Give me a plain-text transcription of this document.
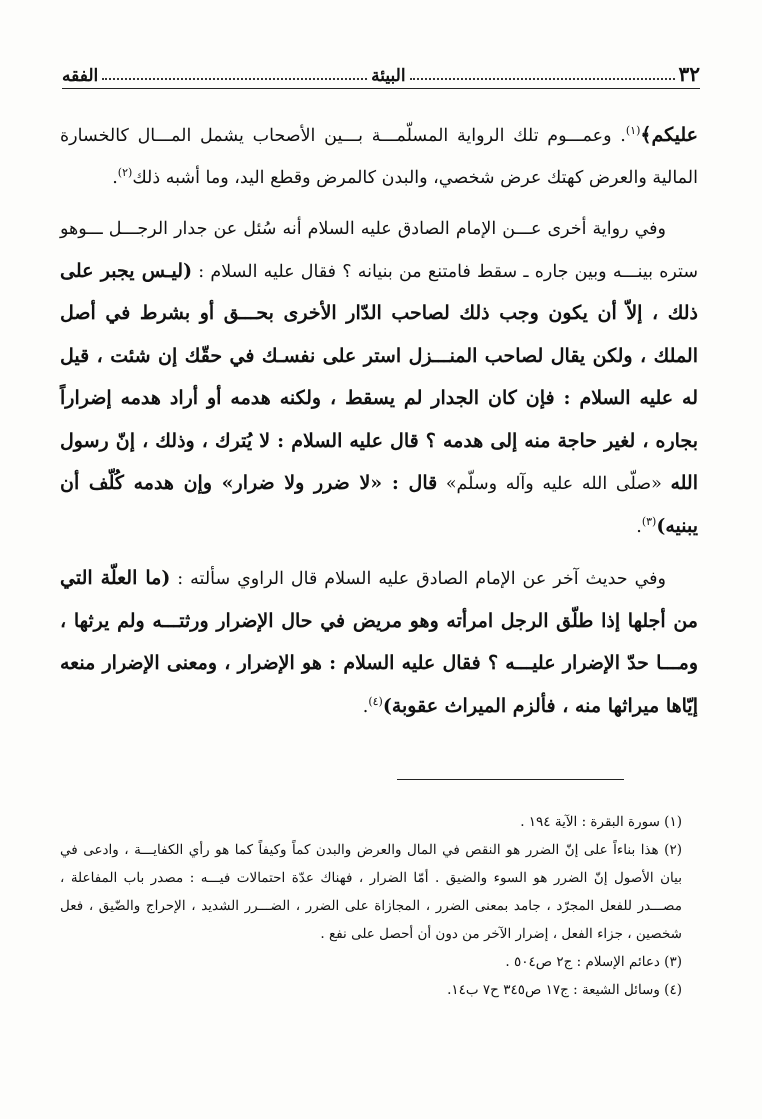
٣٢
البيئة
الفقه

عليكم﴾$^{(١)}$. وعمـــوم تلك الرواية المسلّمـــة بـــين الأصحاب يشمل المـــال كالخسارة المالية والعرض كهتك عرض شخصي، والبدن كالمرض وقطع اليد، وما أشبه ذلك$^{(٢)}$.

وفي رواية أخرى عـــن الإمام الصادق عليه السلام أنه سُئل عن جدار الرجـــل ـــوهو ستره بينـــه وبين جاره ـ سقط فامتنع من بنيانه ؟ فقال عليه السلام : (ليـس يجبر على ذلك ، إلاّ أن يكون وجب ذلك لصاحب الدّار الأخرى بحـــق أو بشرط في أصل الملك ، ولكن يقال لصاحب المنـــزل استر على نفسـك في حقّك إن شئت ، قيل له عليه السلام : فإن كان الجدار لم يسقط ، ولكنه هدمه أو أراد هدمه إضراراً بجاره ، لغير حاجة منه إلى هدمه ؟ قال عليه السلام : لا يُترك ، وذلك ، إنّ رسول الله «صلّى الله عليه وآله وسلّم» قال : «لا ضرر ولا ضرار» وإن هدمه كُلّف أن يبنيه)$^{(٣)}$.

وفي حديث آخر عن الإمام الصادق عليه السلام قال الراوي سألته : (ما العلّة التي من أجلها إذا طلّق الرجل امرأته وهو مريض في حال الإضرار ورثتـــه ولم يرثها ، ومـــا حدّ الإضرار عليـــه ؟ فقال عليه السلام : هو الإضرار ، ومعنى الإضرار منعه إيّاها ميراثها منه ، فألزم الميراث عقوبة)$^{(٤)}$.

(١) سورة البقرة : الآية ١٩٤ .

(٢) هذا بناءاً على إنّ الضرر هو النقص في المال والعرض والبدن كماً وكيفاً كما هو رأي الكفايـــة ، وادعى في بيان الأصول إنّ الضرر هو السوء والضيق . أمّا الضرار ، فهناك عدّة احتمالات فيـــه : مصدر باب المفاعلة ، مصـــدر للفعل المجرّد ، جامد بمعنى الضرر ، المجازاة على الضرر ، الضـــرر الشديد ، الإحراج والضّيق ، فعل شخصين ، جزاء الفعل ، إضرار الآخر من دون أن أحصل على نفع .

(٣) دعائم الإسلام : ج٢ ص٥٠٤ .

(٤) وسائل الشيعة : ج١٧ ص٣٤٥ ح٧ ب١٤.
